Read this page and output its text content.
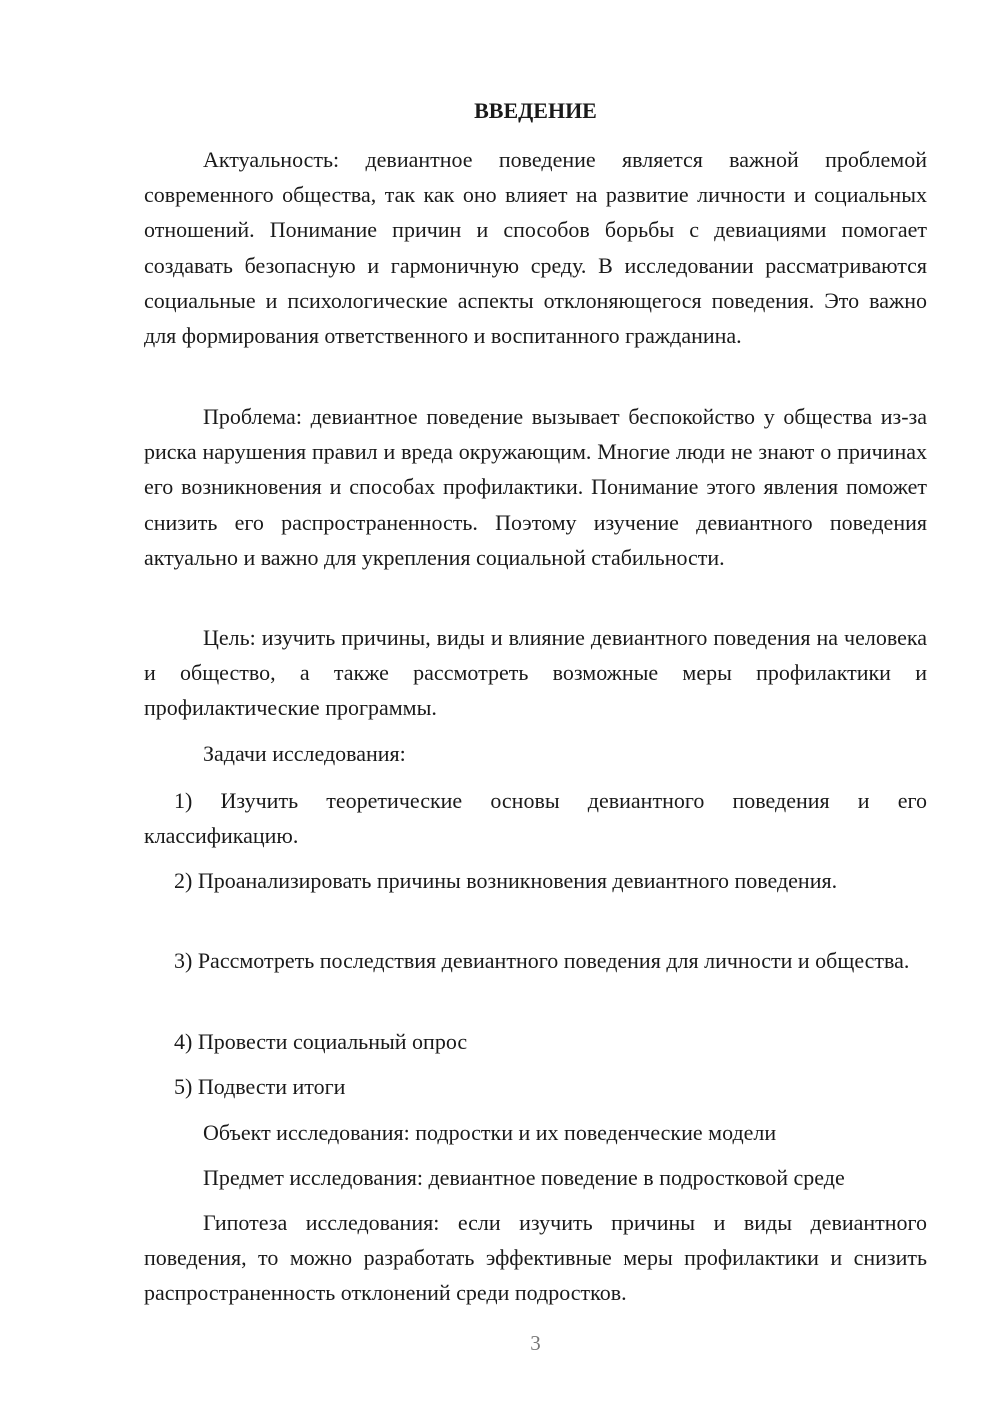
ВВЕДЕНИЕ

Актуальность: девиантное поведение является важной проблемой современного общества, так как оно влияет на развитие личности и социальных отношений. Понимание причин и способов борьбы с девиациями помогает создавать безопасную и гармоничную среду. В исследовании рассматриваются социальные и психологические аспекты отклоняющегося поведения. Это важно для формирования ответственного и воспитанного гражданина.

Проблема: девиантное поведение вызывает беспокойство у общества из-за риска нарушения правил и вреда окружающим. Многие люди не знают о причинах его возникновения и способах профилактики. Понимание этого явления поможет снизить его распространенность. Поэтому изучение девиантного поведения актуально и важно для укрепления социальной стабильности.

Цель: изучить причины, виды и влияние девиантного поведения на человека и общество, а также рассмотреть возможные меры профилактики и профилактические программы.

Задачи исследования:

1) Изучить теоретические основы девиантного поведения и его классификацию.

2) Проанализировать причины возникновения девиантного поведения.

3) Рассмотреть последствия девиантного поведения для личности и общества.

4) Провести социальный опрос

5) Подвести итоги

Объект исследования: подростки и их поведенческие модели

Предмет исследования: девиантное поведение в подростковой среде

Гипотеза исследования: если изучить причины и виды девиантного поведения, то можно разработать эффективные меры профилактики и снизить распространенность отклонений среди подростков.

3
